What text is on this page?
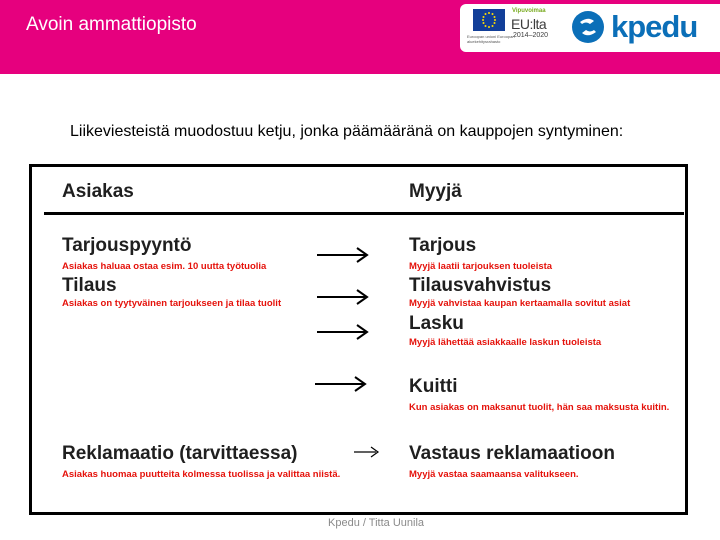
Avoin ammattiopisto
Euroopan unioni Euroopan aluekehitysrahasto
Vipuvoimaa
EU:lta
2014–2020 kpedu
Liikeviesteistä muodostuu ketju, jonka päämääränä on kauppojen syntyminen:
Asiakas	Myyjä
Tarjouspyyntö
Asiakas haluaa ostaa esim. 10 uutta työtuolia
Tilaus
Asiakas on tyytyväinen tarjoukseen ja tilaa tuolit
Reklamaatio (tarvittaessa)
Asiakas huomaa puutteita kolmessa tuolissa ja valittaa niistä.
Tarjous
Myyjä laatii tarjouksen tuoleista
Tilausvahvistus
Myyjä vahvistaa kaupan kertaamalla sovitut asiat
Lasku
Myyjä lähettää asiakkaalle laskun tuoleista
Kuitti
Kun asiakas on maksanut tuolit, hän saa maksusta kuitin.
Vastaus reklamaatioon
Myyjä vastaa saamaansa valitukseen.
Kpedu / Titta Uunila
